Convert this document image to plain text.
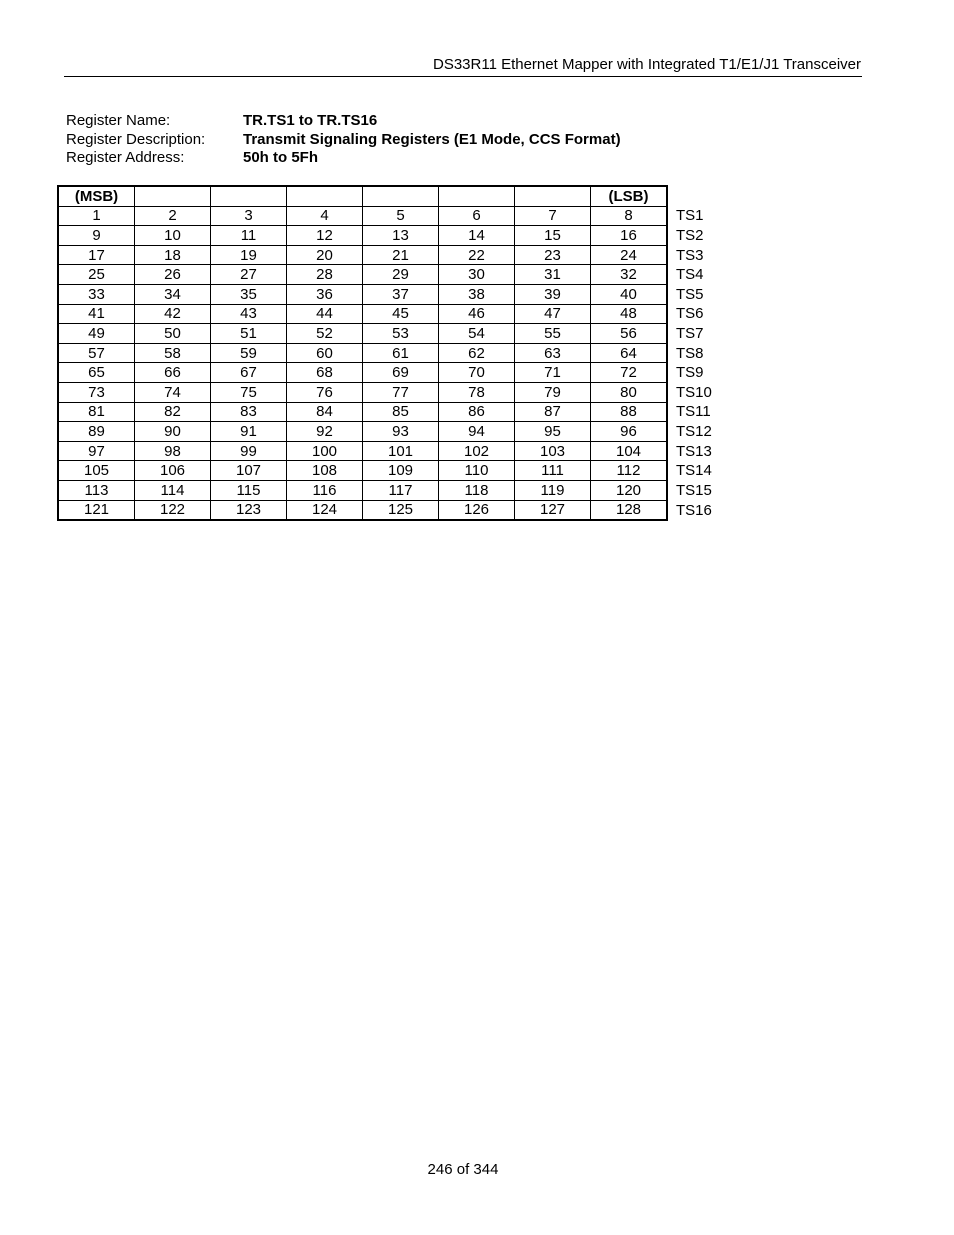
DS33R11 Ethernet Mapper with Integrated T1/E1/J1 Transceiver
Register Name:	TR.TS1 to TR.TS16
Register Description:	Transmit Signaling Registers (E1 Mode, CCS Format)
Register Address:	50h to 5Fh
(MSB)							(LSB)	
1	2	3	4	5	6	7	8	TS1
9	10	11	12	13	14	15	16	TS2
17	18	19	20	21	22	23	24	TS3
25	26	27	28	29	30	31	32	TS4
33	34	35	36	37	38	39	40	TS5
41	42	43	44	45	46	47	48	TS6
49	50	51	52	53	54	55	56	TS7
57	58	59	60	61	62	63	64	TS8
65	66	67	68	69	70	71	72	TS9
73	74	75	76	77	78	79	80	TS10
81	82	83	84	85	86	87	88	TS11
89	90	91	92	93	94	95	96	TS12
97	98	99	100	101	102	103	104	TS13
105	106	107	108	109	110	111	112	TS14
113	114	115	116	117	118	119	120	TS15
121	122	123	124	125	126	127	128	TS16
246 of 344
